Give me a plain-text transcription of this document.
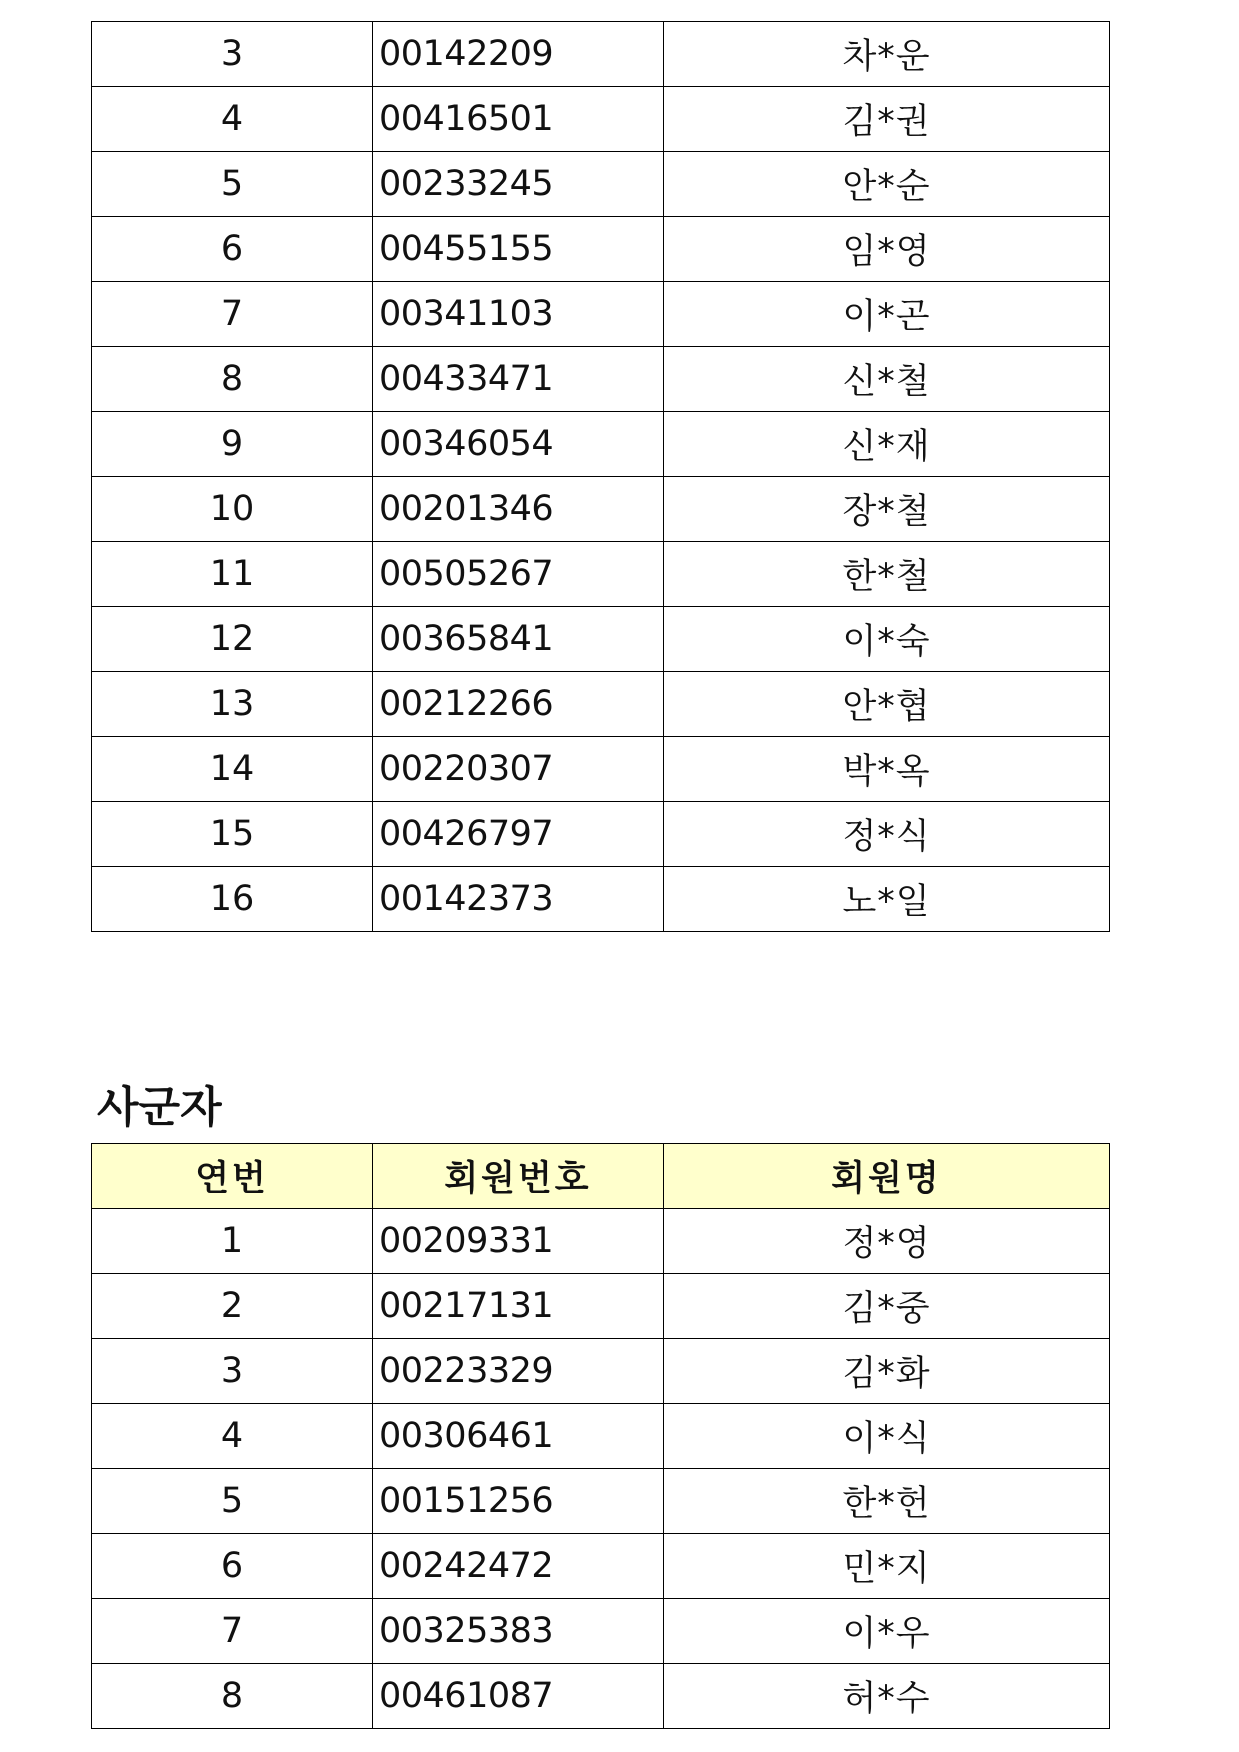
3	00142209	차*운
4	00416501	김*권
5	00233245	안*순
6	00455155	임*영
7	00341103	이*곤
8	00433471	신*철
9	00346054	신*재
10	00201346	장*철
11	00505267	한*철
12	00365841	이*숙
13	00212266	안*협
14	00220307	박*옥
15	00426797	정*식
16	00142373	노*일
사군자
연번	회원번호	회원명
1	00209331	정*영
2	00217131	김*중
3	00223329	김*화
4	00306461	이*식
5	00151256	한*헌
6	00242472	민*지
7	00325383	이*우
8	00461087	허*수
